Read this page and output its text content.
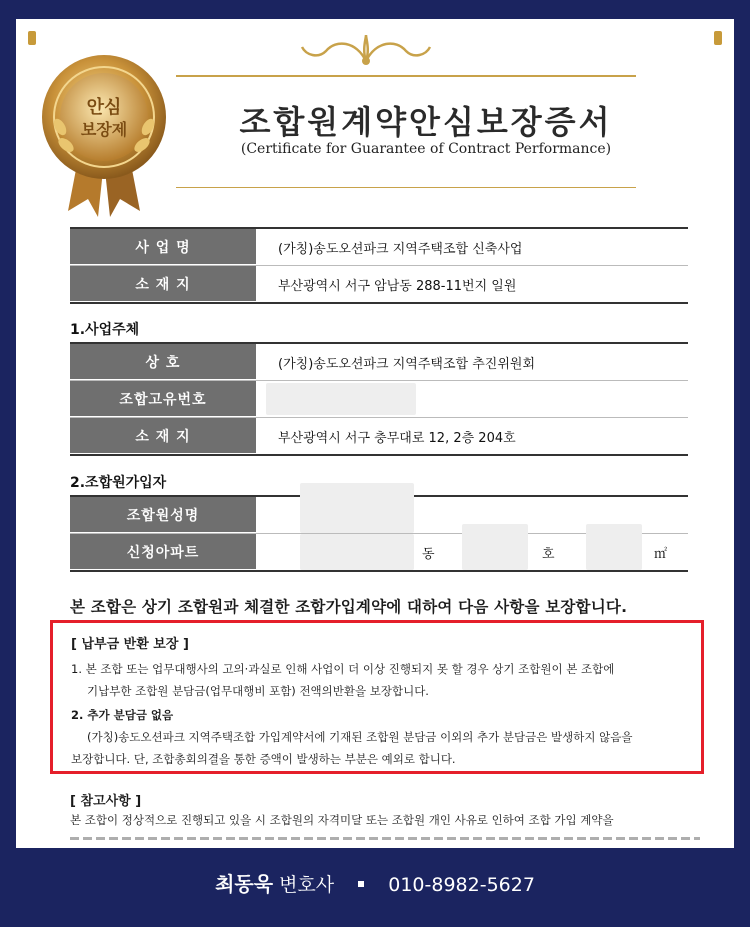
안심
보장제	조합원계약안심보장증서

(Certificate for Guarantee of Contract Performance)

사 업 명	(가칭)송도오션파크 지역주택조합 신축사업
소 재 지	부산광역시 서구 암남동 288-11번지 일원

1.사업주체

상 호	(가칭)송도오션파크 지역주택조합 추진위원회
조합고유번호
소 재 지	부산광역시 서구 충무대로 12, 2층 204호

2.조합원가입자

조합원성명
신청아파트	동	호	㎡

본 조합은 상기 조합원과 체결한 조합가입계약에 대하여 다음 사항을 보장합니다.

[ 납부금 반환 보장 ]

1. 본 조합 또는 업무대행사의 고의·과실로 인해 사업이 더 이상 진행되지 못 할 경우 상기 조합원이 본 조합에

기납부한 조합원 분담금(업무대행비 포함) 전액의반환을 보장합니다.

2. 추가 분담금 없음

(가칭)송도오션파크 지역주택조합 가입계약서에 기재된 조합원 분담금 이외의 추가 분담금은 발생하지 않음을

보장합니다. 단, 조합총회의결을 통한 증액이 발생하는 부분은 예외로 합니다.

[ 참고사항 ]

본 조합이 정상적으로 진행되고 있을 시 조합원의 자격미달 또는 조합원 개인 사유로 인하여 조합 가입 계약을

최동욱 변호사	010-8982-5627
